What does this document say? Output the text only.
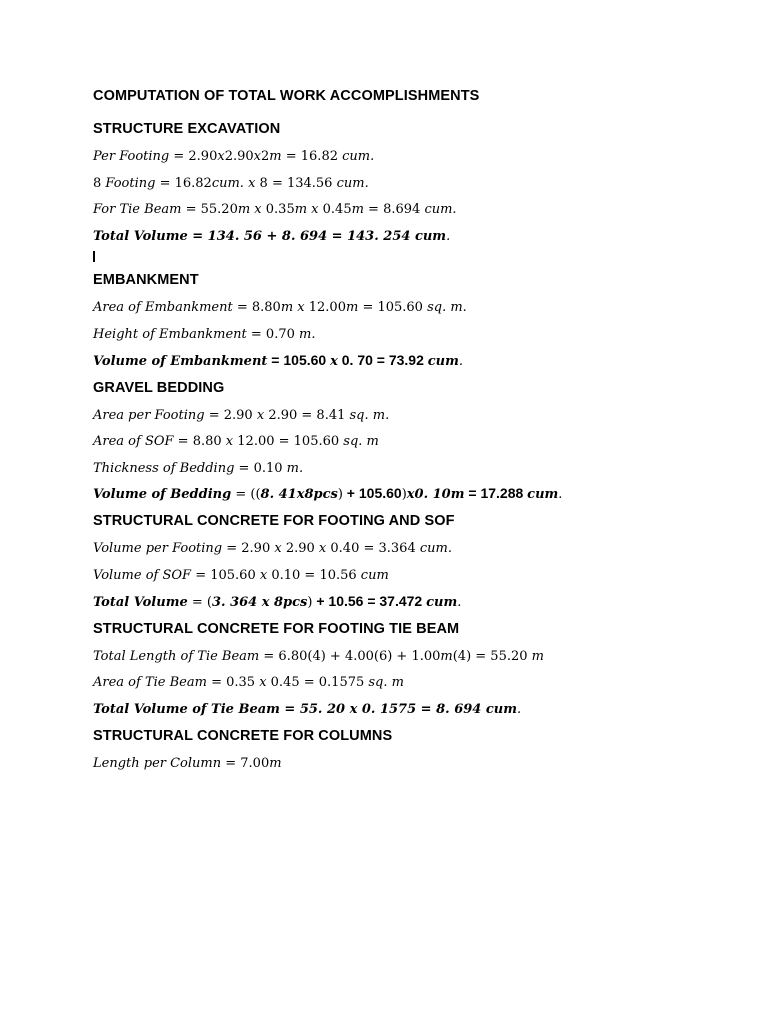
COMPUTATION OF TOTAL WORK ACCOMPLISHMENTS
STRUCTURE EXCAVATION
Per Footing = 2.90x2.90x2m = 16.82 cum.
8 Footing = 16.82cum. x 8 = 134.56 cum.
For Tie Beam = 55.20m x 0.35m x 0.45m = 8.694 cum.
Total Volume = 134. 56 + 8. 694 = 143. 254 cum.
EMBANKMENT
Area of Embankment = 8.80m x 12.00m = 105.60 sq. m.
Height of Embankment = 0.70 m.
Volume of Embankment = 105.60 x 0. 70 = 73.92 cum.
GRAVEL BEDDING
Area per Footing = 2.90 x 2.90 = 8.41 sq. m.
Area of SOF = 8.80 x 12.00 = 105.60 sq. m
Thickness of Bedding = 0.10 m.
Volume of Bedding = ((8. 41x8pcs) + 105.60)x0. 10m = 17.288 cum.
STRUCTURAL CONCRETE FOR FOOTING AND SOF
Volume per Footing = 2.90 x 2.90 x 0.40 = 3.364 cum.
Volume of SOF = 105.60 x 0.10 = 10.56 cum
Total Volume = (3. 364 x 8pcs) + 10.56 = 37.472 cum.
STRUCTURAL CONCRETE FOR FOOTING TIE BEAM
Total Length of Tie Beam = 6.80(4) + 4.00(6) + 1.00m(4) = 55.20 m
Area of Tie Beam = 0.35 x 0.45 = 0.1575 sq. m
Total Volume of Tie Beam = 55. 20 x 0. 1575 = 8. 694 cum.
STRUCTURAL CONCRETE FOR COLUMNS
Length per Column = 7.00m
